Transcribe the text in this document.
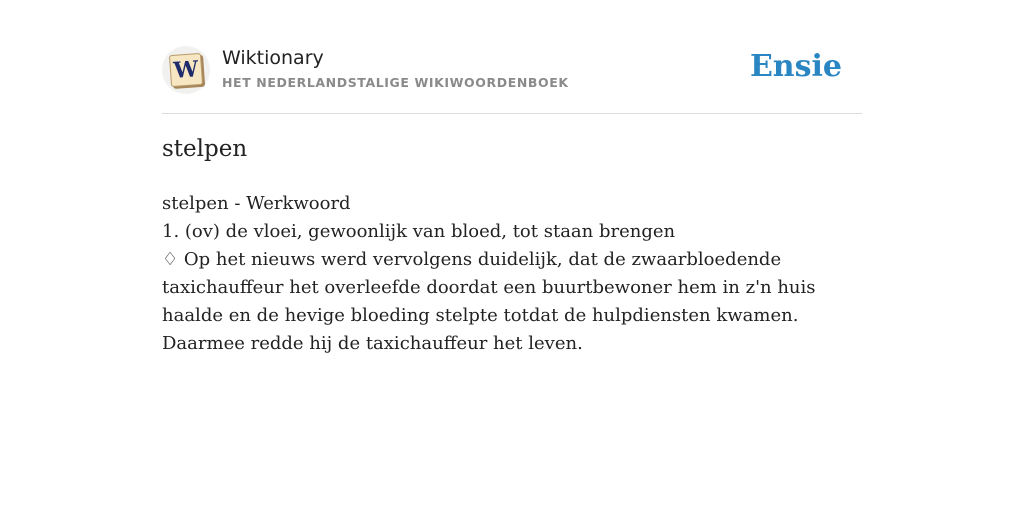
W Wiktionary
HET NEDERLANDSTALIGE WIKIWOORDENBOEK	Ensie
stelpen
stelpen - Werkwoord
1. (ov) de vloei, gewoonlijk van bloed, tot staan brengen
♢ Op het nieuws werd vervolgens duidelijk, dat de zwaarbloedende taxichauffeur het overleefde doordat een buurtbewoner hem in z'n huis haalde en de hevige bloeding stelpte totdat de hulpdiensten kwamen. Daarmee redde hij de taxichauffeur het leven.
